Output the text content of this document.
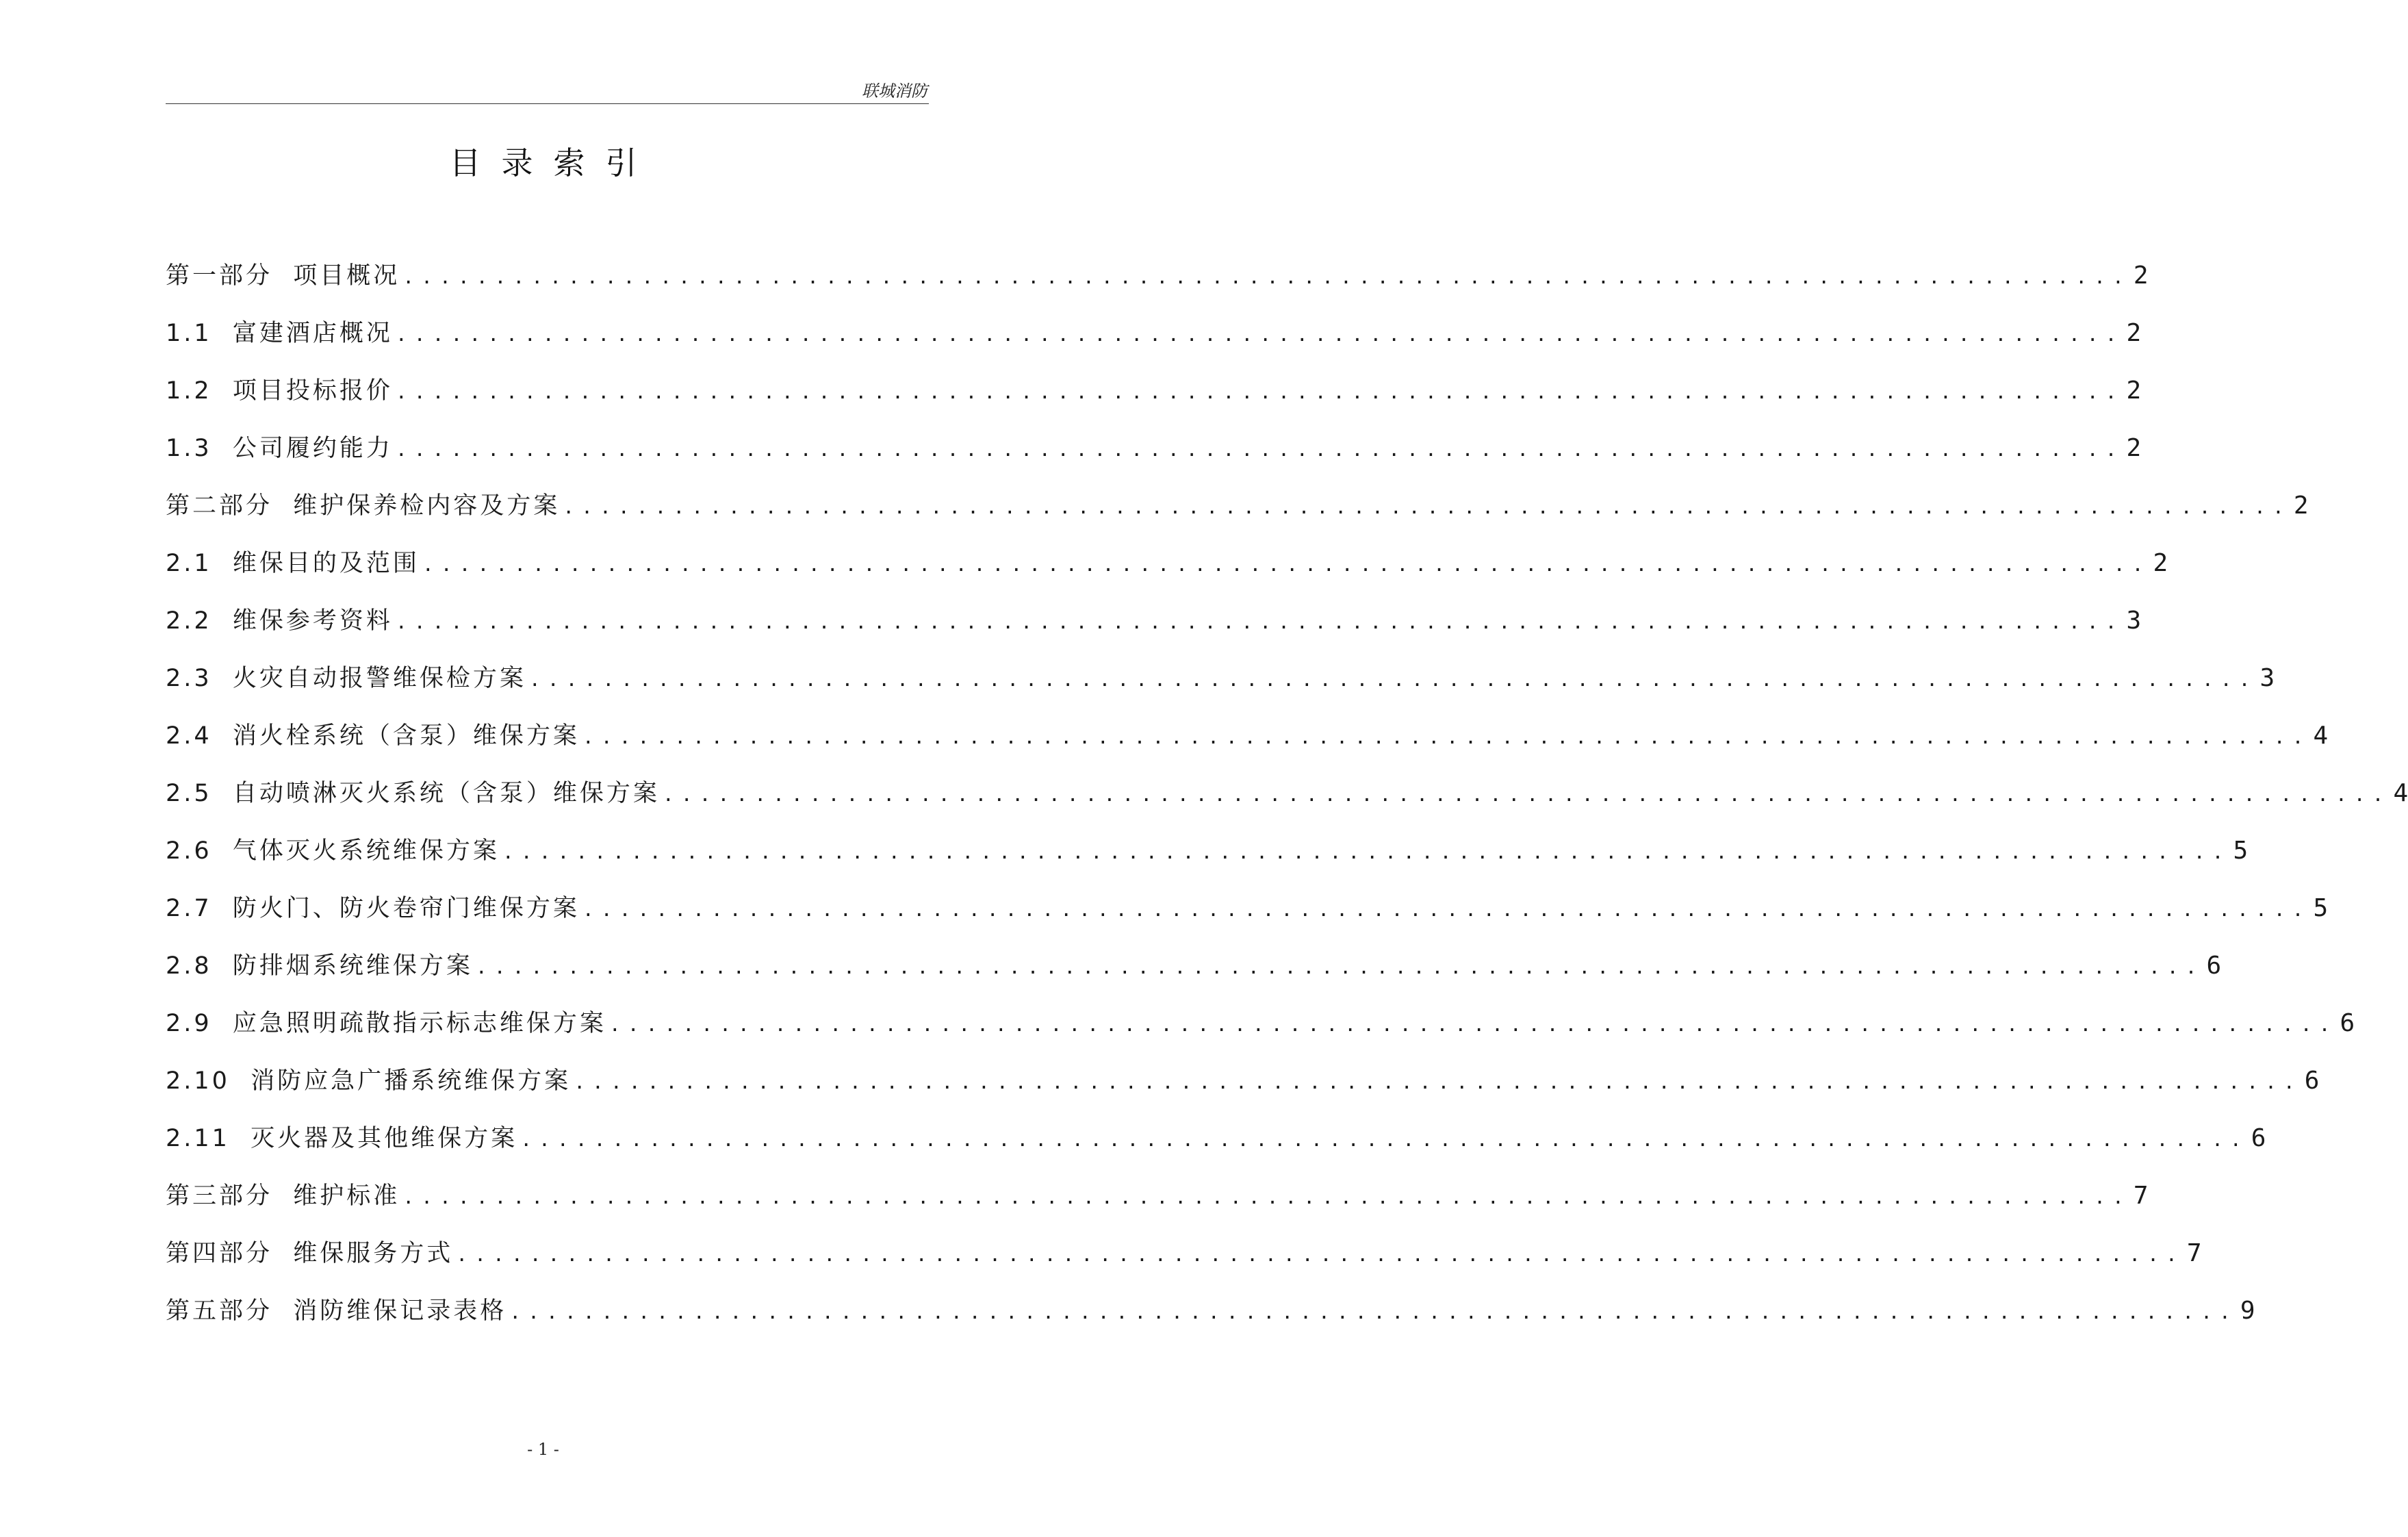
联城消防
目录索引
第一部分  项目概况 .............................................................................................. 2
1.1  富建酒店概况 .............................................................................................. 2
1.2  项目投标报价 .............................................................................................. 2
1.3  公司履约能力 .............................................................................................. 2
第二部分  维护保养检内容及方案 .............................................................................................. 2
2.1  维保目的及范围 .............................................................................................. 2
2.2  维保参考资料 .............................................................................................. 3
2.3  火灾自动报警维保检方案 .............................................................................................. 3
2.4  消火栓系统（含泵）维保方案 .............................................................................................. 4
2.5  自动喷淋灭火系统（含泵）维保方案 .............................................................................................. 4
2.6  气体灭火系统维保方案 .............................................................................................. 5
2.7  防火门、防火卷帘门维保方案 .............................................................................................. 5
2.8  防排烟系统维保方案 .............................................................................................. 6
2.9  应急照明疏散指示标志维保方案 .............................................................................................. 6
2.10  消防应急广播系统维保方案 .............................................................................................. 6
2.11  灭火器及其他维保方案 .............................................................................................. 6
第三部分  维护标准 .............................................................................................. 7
第四部分  维保服务方式 .............................................................................................. 7
第五部分  消防维保记录表格 .............................................................................................. 9
- 1 -
